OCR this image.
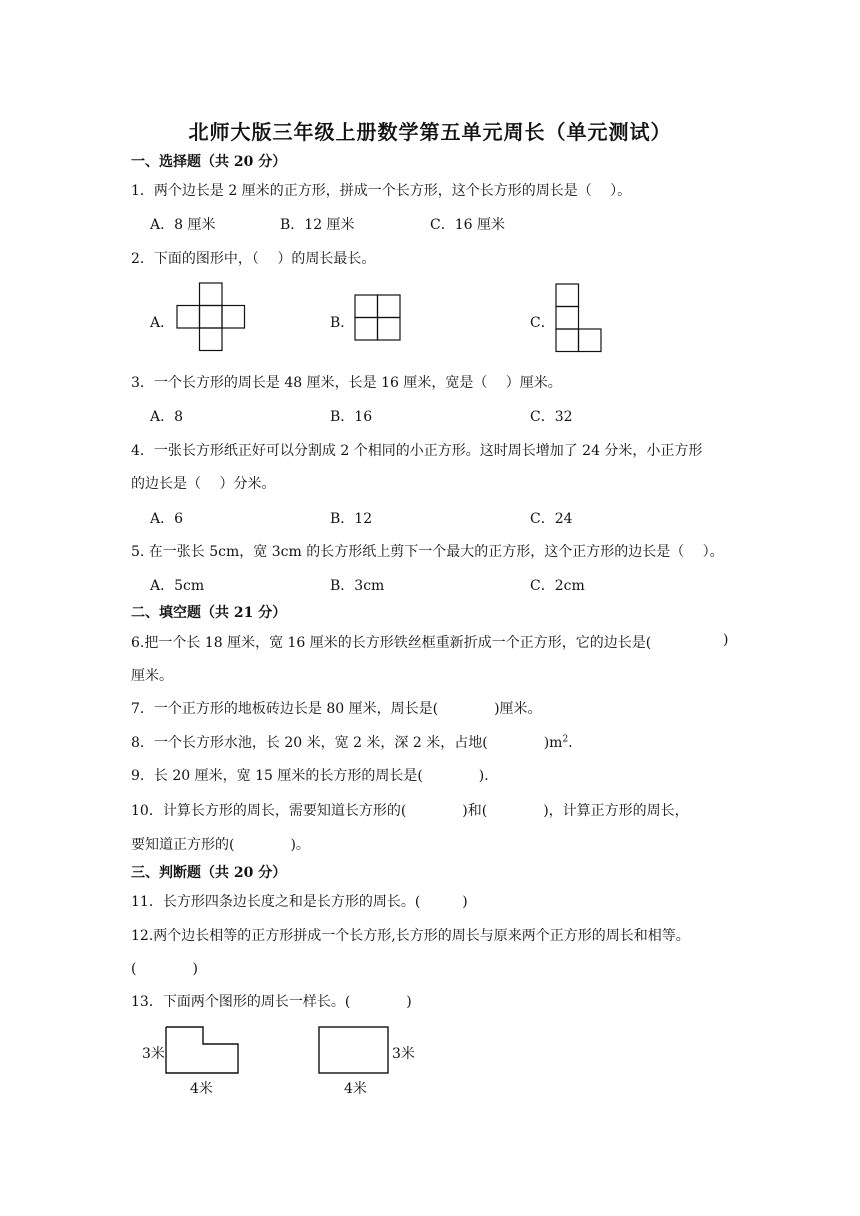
北师大版三年级上册数学第五单元周长（单元测试）
一、选择题（共 20 分）
1．两个边长是 2 厘米的正方形，拼成一个长方形，这个长方形的周长是（　 ）。
A．8 厘米	B．12 厘米	C．16 厘米
2．下面的图形中，（　 ）的周长最长。
A．	B．	C．
3．一个长方形的周长是 48 厘米，长是 16 厘米，宽是（　 ）厘米。
A．8	B．16	C．32
4．一张长方形纸正好可以分割成 2 个相同的小正方形。这时周长增加了 24 分米，小正方形
的边长是（　 ）分米。
A．6	B．12	C．24
5. 在一张长 5cm，宽 3cm 的长方形纸上剪下一个最大的正方形，这个正方形的边长是（　 ）。
A．5cm	B．3cm	C．2cm
二、填空题（共 21 分）
6.把一个长 18 厘米，宽 16 厘米的长方形铁丝框重新折成一个正方形，它的边长是(	)
厘米。
7．一个正方形的地板砖边长是 80 厘米，周长是(　　　　)厘米。
8．一个长方形水池，长 20 米，宽 2 米，深 2 米，占地(　　　　)$m^2$.
9．长 20 厘米，宽 15 厘米的长方形的周长是(　　　　).
10．计算长方形的周长，需要知道长方形的(　　　　)和(　　　　)，计算正方形的周长，
要知道正方形的(　　　　)。
三、判断题（共 20 分）
11．长方形四条边长度之和是长方形的周长。(　　　)
12.两个边长相等的正方形拼成一个长方形,长方形的周长与原来两个正方形的周长和相等。
(　　　　)
13．下面两个图形的周长一样长。(　　　　)
3米
4米
3米
4米
